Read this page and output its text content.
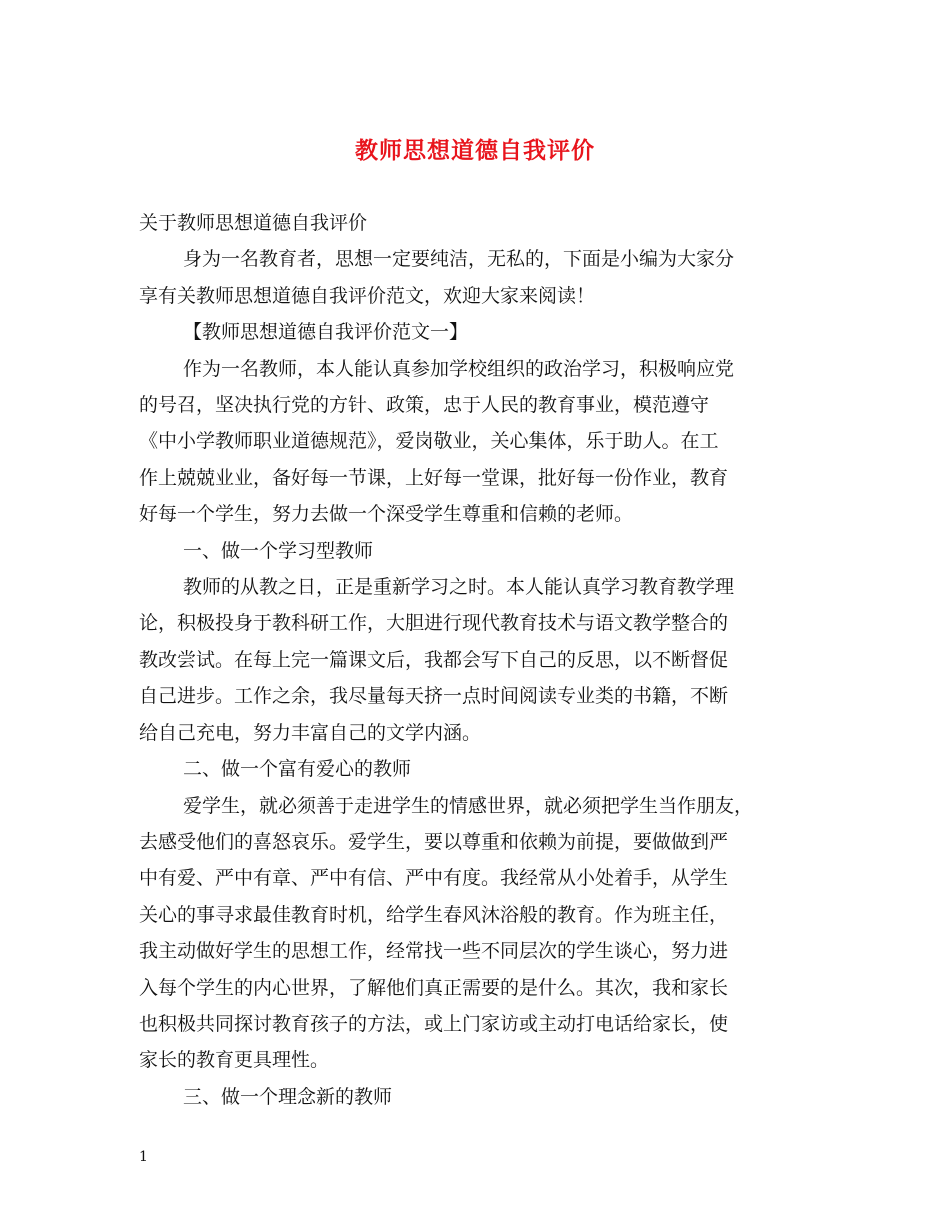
教师思想道德自我评价

关于教师思想道德自我评价

身为一名教育者，思想一定要纯洁，无私的，下面是小编为大家分
享有关教师思想道德自我评价范文，欢迎大家来阅读！

【教师思想道德自我评价范文一】

作为一名教师，本人能认真参加学校组织的政治学习，积极响应党
的号召，坚决执行党的方针、政策，忠于人民的教育事业，模范遵守
《中小学教师职业道德规范》，爱岗敬业，关心集体，乐于助人。在工
作上兢兢业业，备好每一节课，上好每一堂课，批好每一份作业，教育
好每一个学生，努力去做一个深受学生尊重和信赖的老师。

一、做一个学习型教师

教师的从教之日，正是重新学习之时。本人能认真学习教育教学理
论，积极投身于教科研工作，大胆进行现代教育技术与语文教学整合的
教改尝试。在每上完一篇课文后，我都会写下自己的反思，以不断督促
自己进步。工作之余，我尽量每天挤一点时间阅读专业类的书籍，不断
给自己充电，努力丰富自己的文学内涵。

二、做一个富有爱心的教师

爱学生，就必须善于走进学生的情感世界，就必须把学生当作朋友，
去感受他们的喜怒哀乐。爱学生，要以尊重和依赖为前提，要做做到严
中有爱、严中有章、严中有信、严中有度。我经常从小处着手，从学生
关心的事寻求最佳教育时机，给学生春风沐浴般的教育。作为班主任，
我主动做好学生的思想工作，经常找一些不同层次的学生谈心，努力进
入每个学生的内心世界，了解他们真正需要的是什么。其次，我和家长
也积极共同探讨教育孩子的方法，或上门家访或主动打电话给家长，使
家长的教育更具理性。

三、做一个理念新的教师

1
